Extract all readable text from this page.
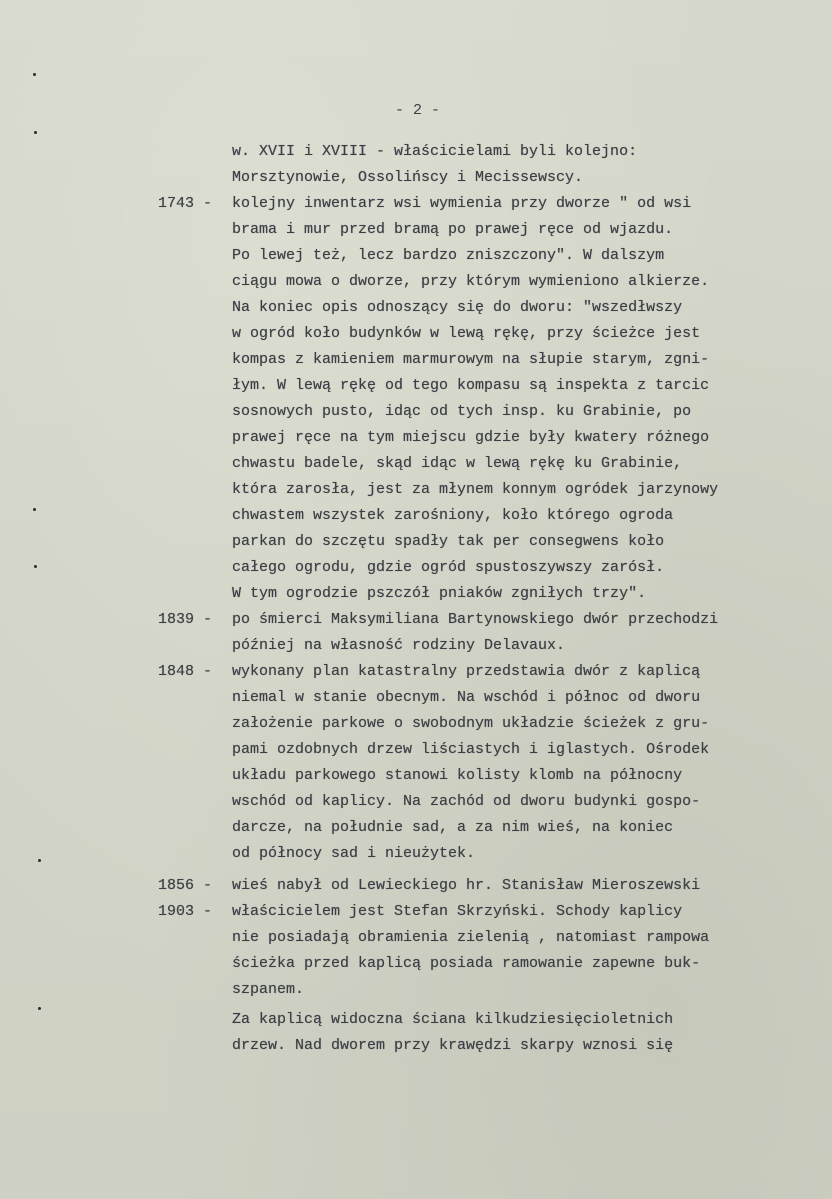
- 2 -
w. XVII i XVIII - właścicielami byli kolejno:
Morsztynowie, Ossolińscy i Mecissewscy.
1743 - kolejny inwentarz wsi wymienia przy dworze " od wsi
brama i mur przed bramą po prawej ręce od wjazdu.
Po lewej też, lecz bardzo zniszczony". W dalszym
ciągu mowa o dworze, przy którym wymieniono alkierze.
Na koniec opis odnoszący się do dworu: "wszedłwszy
w ogród koło budynków w lewą rękę, przy ścieżce jest
kompas z kamieniem marmurowym na słupie starym, zgni-
łym. W lewą rękę od tego kompasu są inspekta z tarcic
sosnowych pusto, idąc od tych insp. ku Grabinie, po
prawej ręce na tym miejscu gdzie były kwatery różnego
chwastu badele, skąd idąc w lewą rękę ku Grabinie,
która zarosła, jest za młynem konnym ogródek jarzynowy
chwastem wszystek zarośniony, koło którego ogroda
parkan do szczętu spadły tak per consegwens koło
całego ogrodu, gdzie ogród spustoszywszy zarósł.
W tym ogrodzie pszczół pniaków zgniłych trzy".
1839 - po śmierci Maksymiliana Bartynowskiego dwór przechodzi
później na własność rodziny Delavaux.
1848 - wykonany plan katastralny przedstawia dwór z kaplicą
niemal w stanie obecnym. Na wschód i północ od dworu
założenie parkowe o swobodnym układzie ścieżek z gru-
pami ozdobnych drzew liściastych i iglastych. Ośrodek
układu parkowego stanowi kolisty klomb na północny
wschód od kaplicy. Na zachód od dworu budynki gospo-
darcze, na południe sad, a za nim wieś, na koniec
od północy sad i nieużytek.
1856 - wieś nabył od Lewieckiego hr. Stanisław Mieroszewski
1903 - właścicielem jest Stefan Skrzyński. Schody kaplicy
nie posiadają obramienia zielenią , natomiast rampowa
ścieżka przed kaplicą posiada ramowanie zapewne buk-
szpanem.
Za kaplicą widoczna ściana kilkudziesięcioletnich
drzew. Nad dworem przy krawędzi skarpy wznosi się
